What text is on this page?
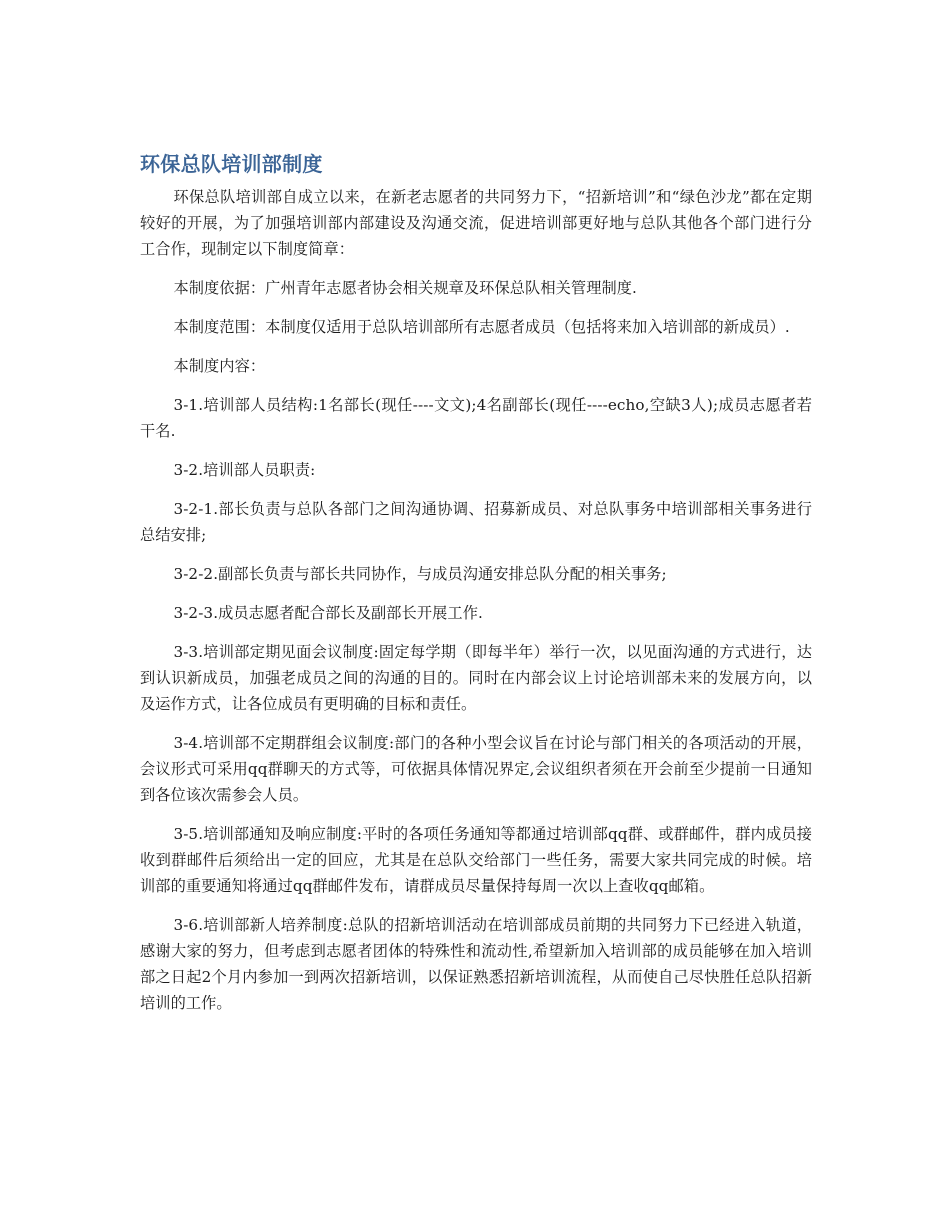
环保总队培训部制度

环保总队培训部自成立以来，在新老志愿者的共同努力下，“招新培训”和“绿色沙龙”都在定期较好的开展，为了加强培训部内部建设及沟通交流，促进培训部更好地与总队其他各个部门进行分工合作，现制定以下制度简章：

本制度依据：广州青年志愿者协会相关规章及环保总队相关管理制度.

本制度范围：本制度仅适用于总队培训部所有志愿者成员（包括将来加入培训部的新成员）.

本制度内容：

3-1.培训部人员结构:1名部长(现任----文文);4名副部长(现任----echo,空缺3人);成员志愿者若干名.

3-2.培训部人员职责:

3-2-1.部长负责与总队各部门之间沟通协调、招募新成员、对总队事务中培训部相关事务进行总结安排;

3-2-2.副部长负责与部长共同协作，与成员沟通安排总队分配的相关事务;

3-2-3.成员志愿者配合部长及副部长开展工作.

3-3.培训部定期见面会议制度:固定每学期（即每半年）举行一次，以见面沟通的方式进行，达到认识新成员，加强老成员之间的沟通的目的。同时在内部会议上讨论培训部未来的发展方向，以及运作方式，让各位成员有更明确的目标和责任。

3-4.培训部不定期群组会议制度:部门的各种小型会议旨在讨论与部门相关的各项活动的开展，会议形式可采用qq群聊天的方式等，可依据具体情况界定,会议组织者须在开会前至少提前一日通知到各位该次需参会人员。

3-5.培训部通知及响应制度:平时的各项任务通知等都通过培训部qq群、或群邮件，群内成员接收到群邮件后须给出一定的回应，尤其是在总队交给部门一些任务，需要大家共同完成的时候。培训部的重要通知将通过qq群邮件发布，请群成员尽量保持每周一次以上查收qq邮箱。

3-6.培训部新人培养制度:总队的招新培训活动在培训部成员前期的共同努力下已经进入轨道，感谢大家的努力，但考虑到志愿者团体的特殊性和流动性,希望新加入培训部的成员能够在加入培训部之日起2个月内参加一到两次招新培训，以保证熟悉招新培训流程，从而使自己尽快胜任总队招新培训的工作。
